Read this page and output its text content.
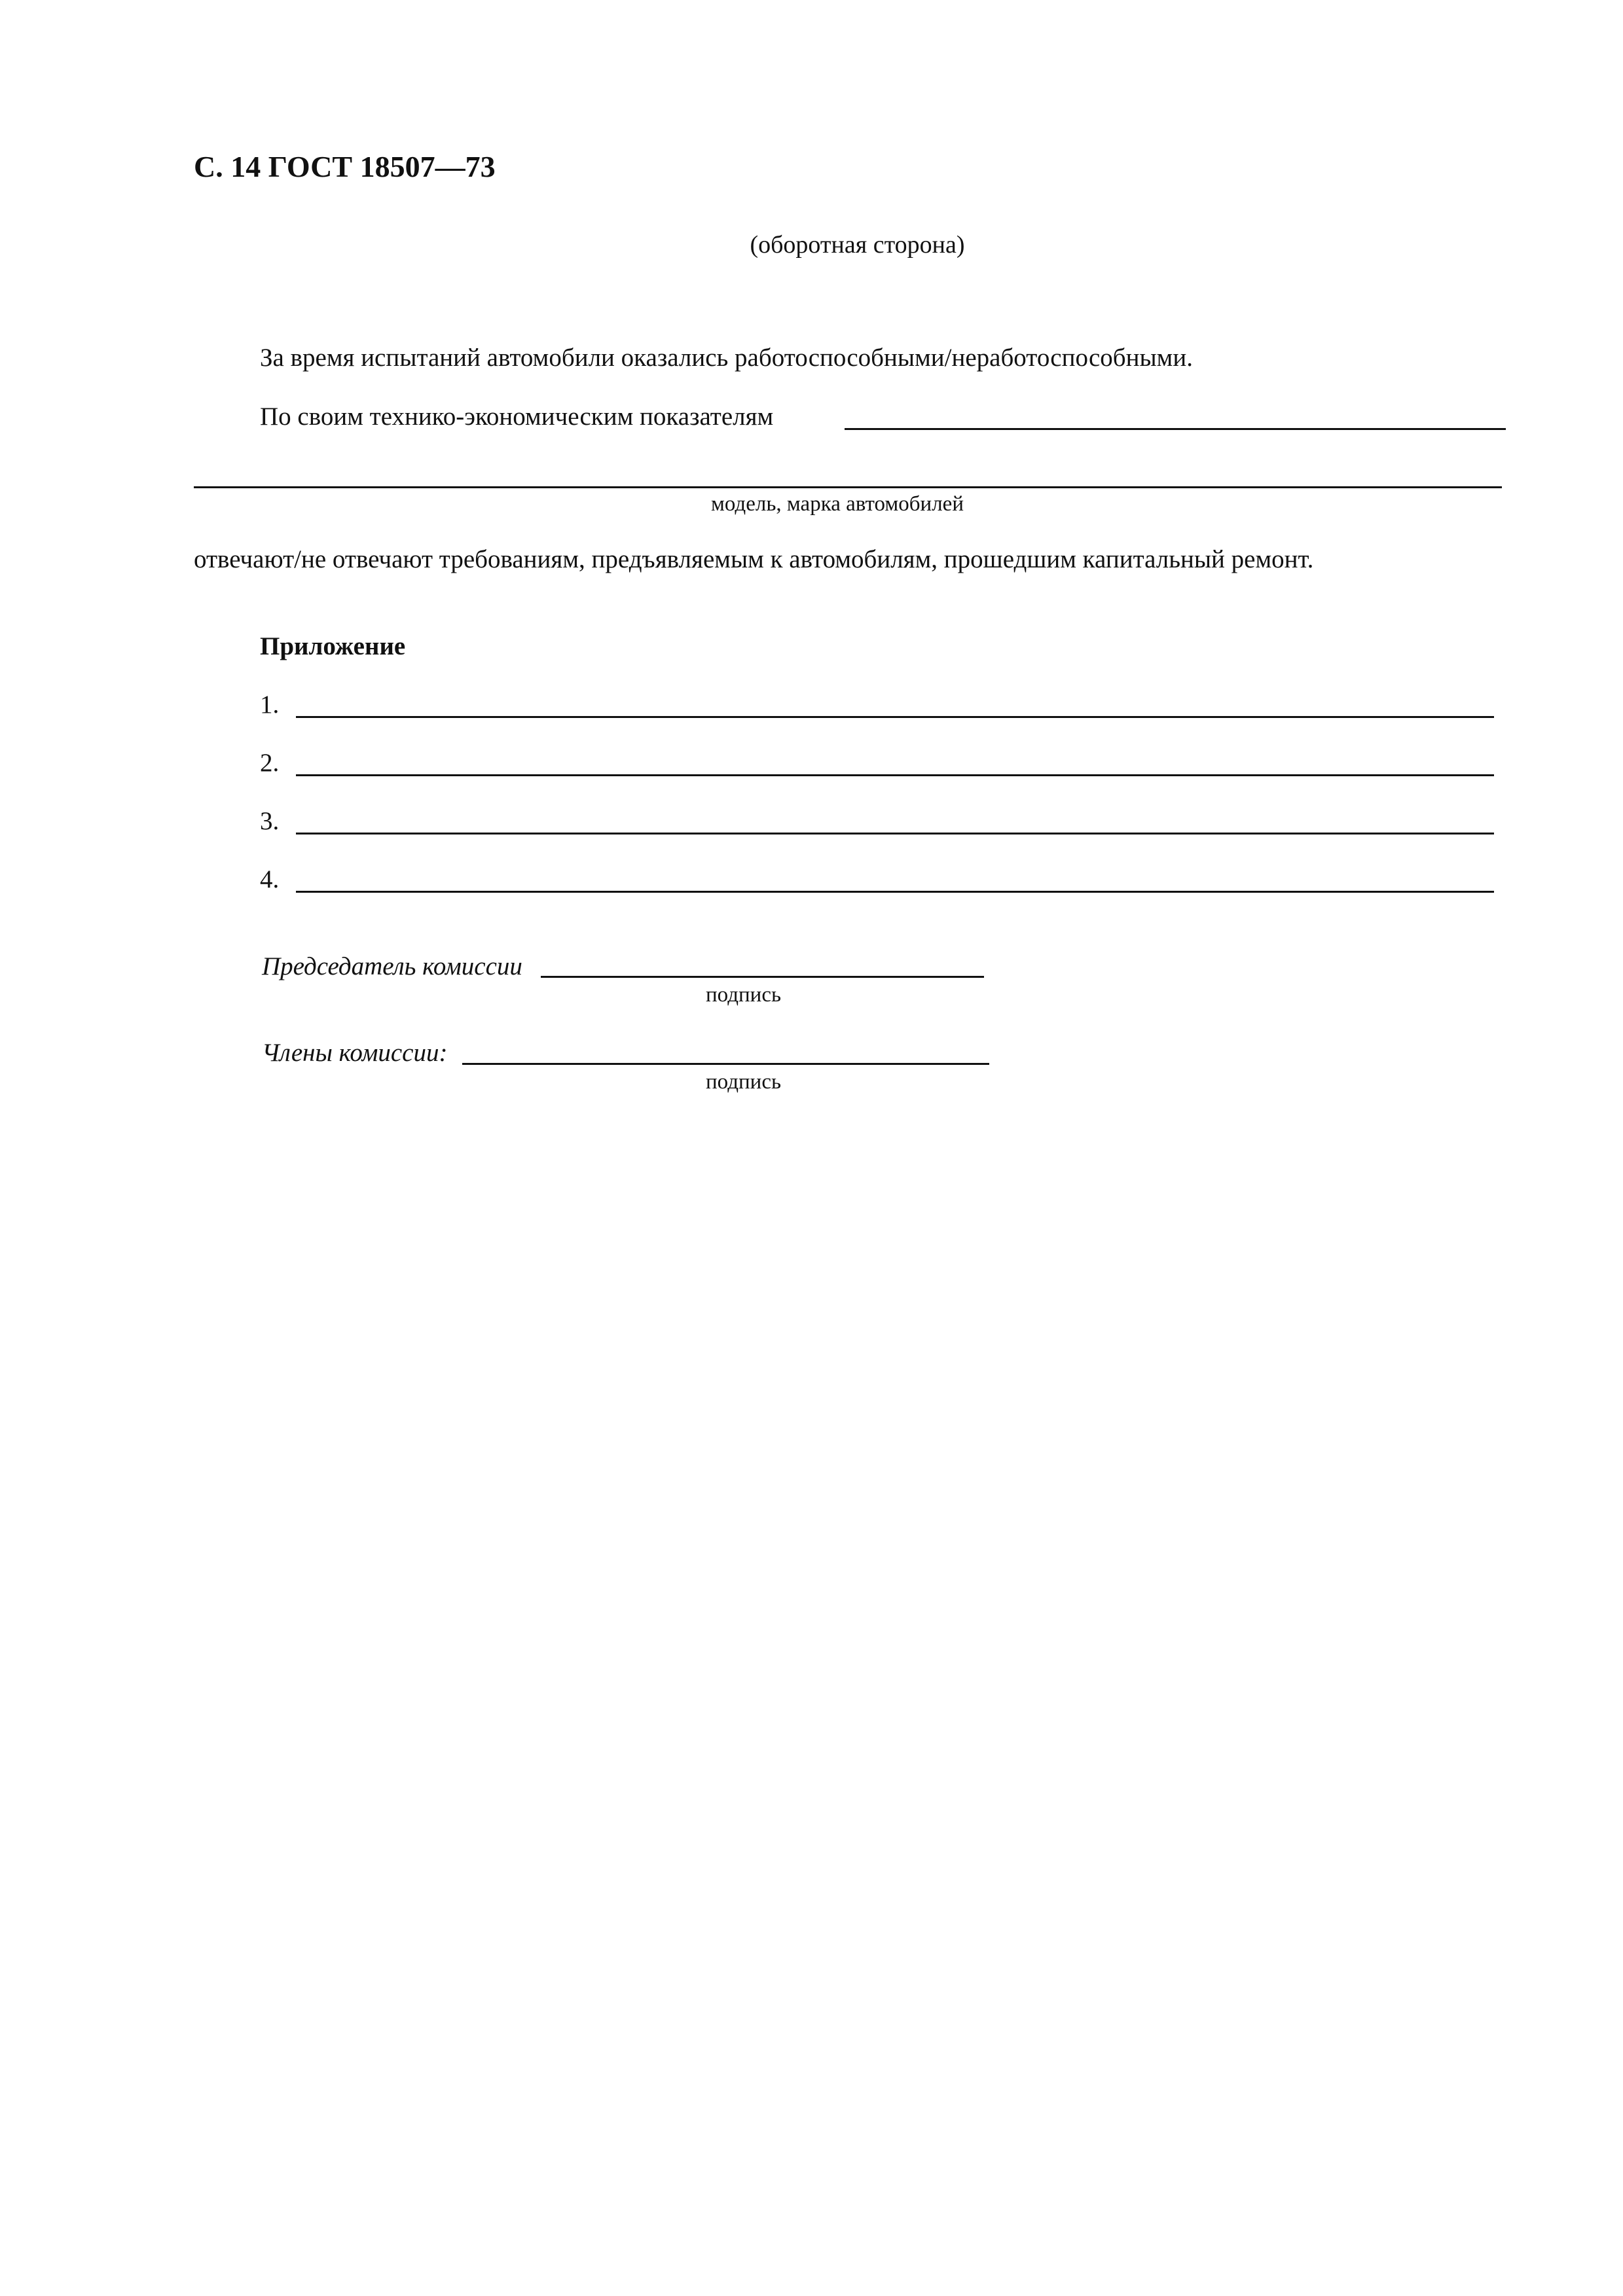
С. 14 ГОСТ 18507—73
(оборотная сторона)
За время испытаний автомобили оказались работоспособными/неработоспособными.
По своим технико-экономическим показателям
модель, марка автомобилей
отвечают/не отвечают требованиям, предъявляемым к автомобилям, прошедшим капитальный ремонт.
Приложение
1.
2.
3.
4.
Председатель комиссии
подпись
Члены комиссии:
подпись
